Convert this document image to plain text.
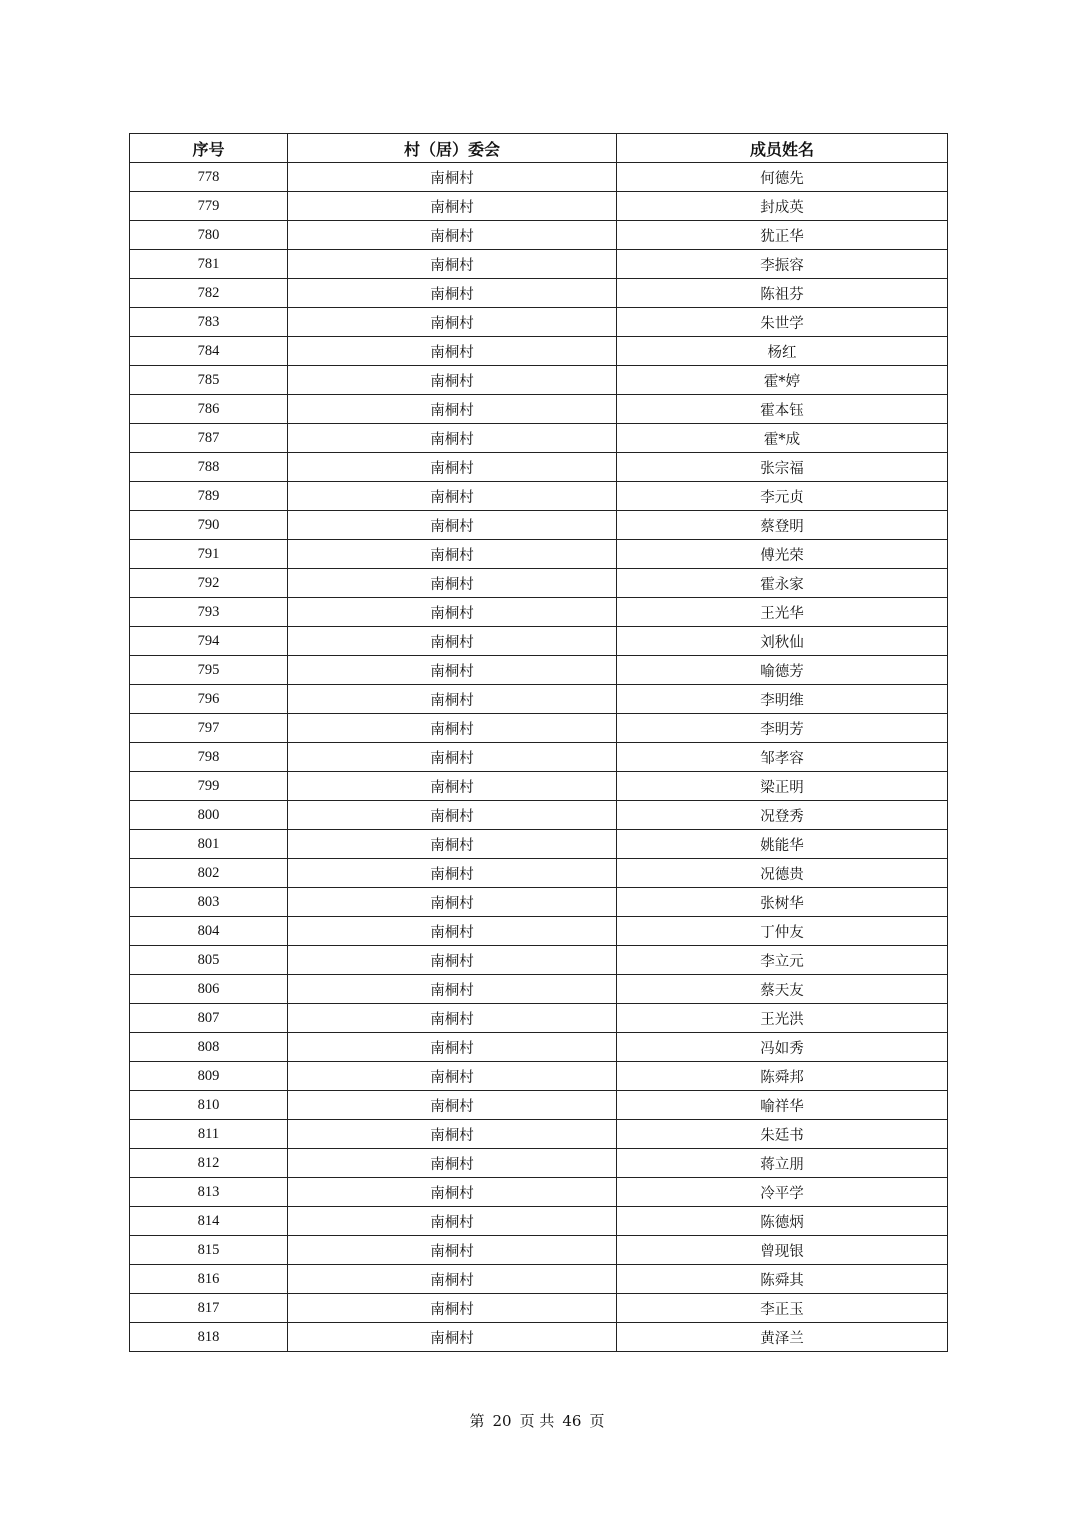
序号	村（居）委会	成员姓名
778	南桐村	何德先
779	南桐村	封成英
780	南桐村	犹正华
781	南桐村	李振容
782	南桐村	陈祖芬
783	南桐村	朱世学
784	南桐村	杨红
785	南桐村	霍*婷
786	南桐村	霍本钰
787	南桐村	霍*成
788	南桐村	张宗福
789	南桐村	李元贞
790	南桐村	蔡登明
791	南桐村	傅光荣
792	南桐村	霍永家
793	南桐村	王光华
794	南桐村	刘秋仙
795	南桐村	喻德芳
796	南桐村	李明维
797	南桐村	李明芳
798	南桐村	邹孝容
799	南桐村	梁正明
800	南桐村	况登秀
801	南桐村	姚能华
802	南桐村	况德贵
803	南桐村	张树华
804	南桐村	丁仲友
805	南桐村	李立元
806	南桐村	蔡天友
807	南桐村	王光洪
808	南桐村	冯如秀
809	南桐村	陈舜邦
810	南桐村	喻祥华
811	南桐村	朱廷书
812	南桐村	蒋立朋
813	南桐村	冷平学
814	南桐村	陈德炳
815	南桐村	曾现银
816	南桐村	陈舜其
817	南桐村	李正玉
818	南桐村	黄泽兰
第 20 页 共 46 页
